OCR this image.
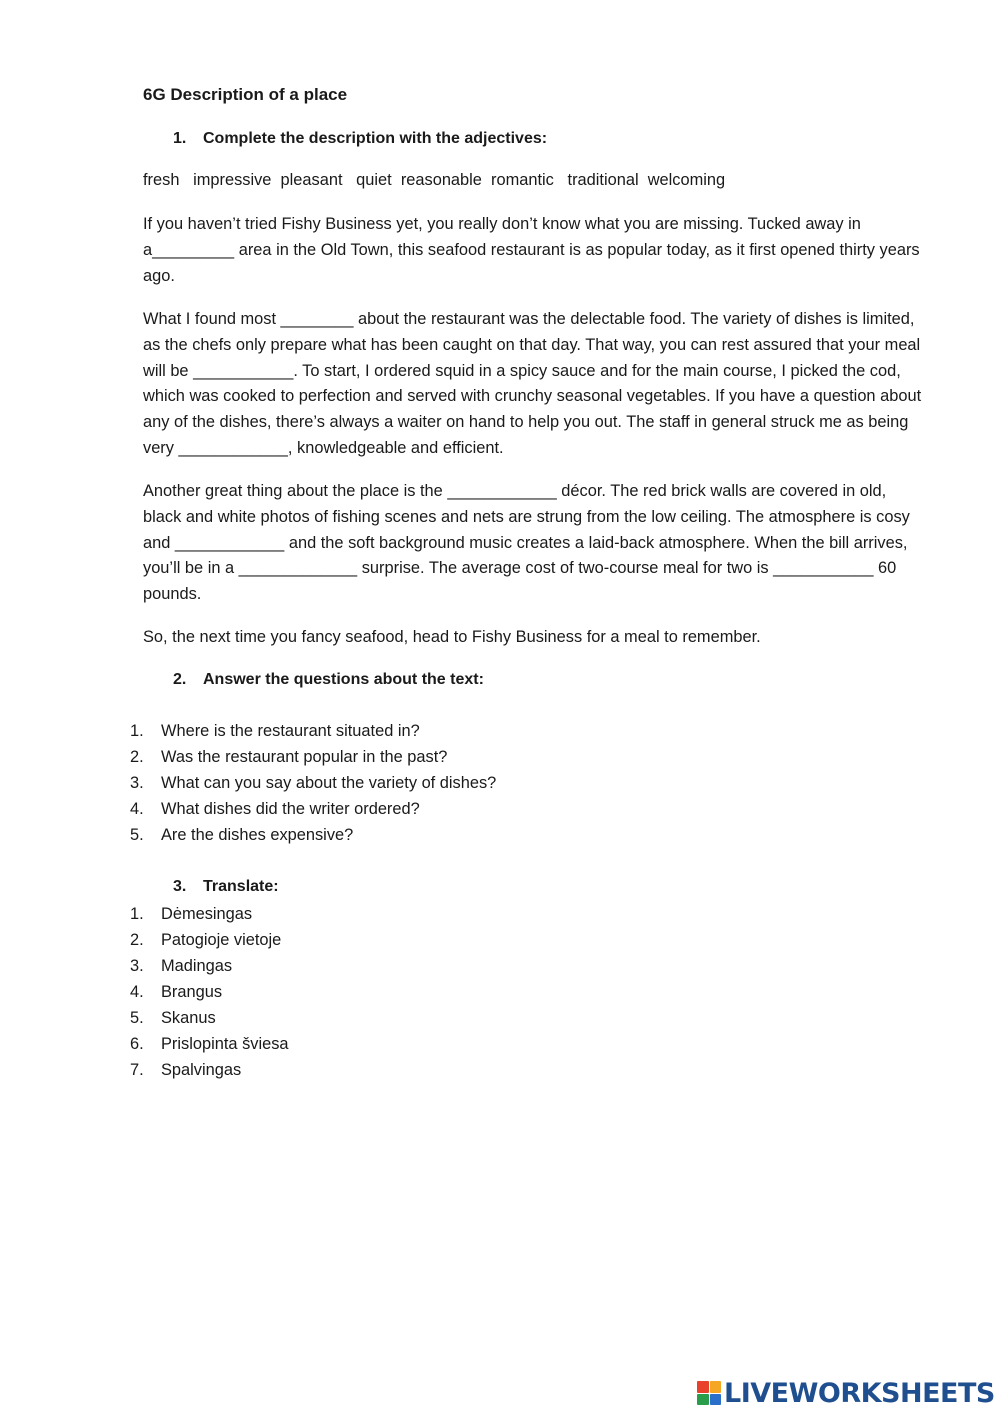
6G Description of a place
1. Complete the description with the adjectives:
fresh   impressive  pleasant   quiet  reasonable  romantic   traditional  welcoming
If you haven’t tried Fishy Business yet, you really don’t know what you are missing. Tucked away in
a_________ area in the Old Town, this seafood restaurant is as popular today, as it first opened thirty years
ago.
What I found most ________ about the restaurant was the delectable food. The variety of dishes is limited,
as the chefs only prepare what has been caught on that day. That way, you can rest assured that your meal
will be ___________. To start, I ordered squid in a spicy sauce and for the main course, I picked the cod,
which was cooked to perfection and served with crunchy seasonal vegetables. If you have a question about
any of the dishes, there’s always a waiter on hand to help you out. The staff in general struck me as being
very ____________, knowledgeable and efficient.
Another great thing about the place is the ____________ décor. The red brick walls are covered in old,
black and white photos of fishing scenes and nets are strung from the low ceiling. The atmosphere is cosy
and ____________ and the soft background music creates a laid-back atmosphere. When the bill arrives,
you’ll be in a _____________ surprise. The average cost of two-course meal for two is ___________ 60
pounds.
So, the next time you fancy seafood, head to Fishy Business for a meal to remember.
2. Answer the questions about the text:
1. Where is the restaurant situated in?
2. Was the restaurant popular in the past?
3. What can you say about the variety of dishes?
4. What dishes did the writer ordered?
5. Are the dishes expensive?
3. Translate:
1. Dėmesingas
2. Patogioje vietoje
3. Madingas
4. Brangus
5. Skanus
6. Prislopinta šviesa
7. Spalvingas
LIVEWORKSHEETS
